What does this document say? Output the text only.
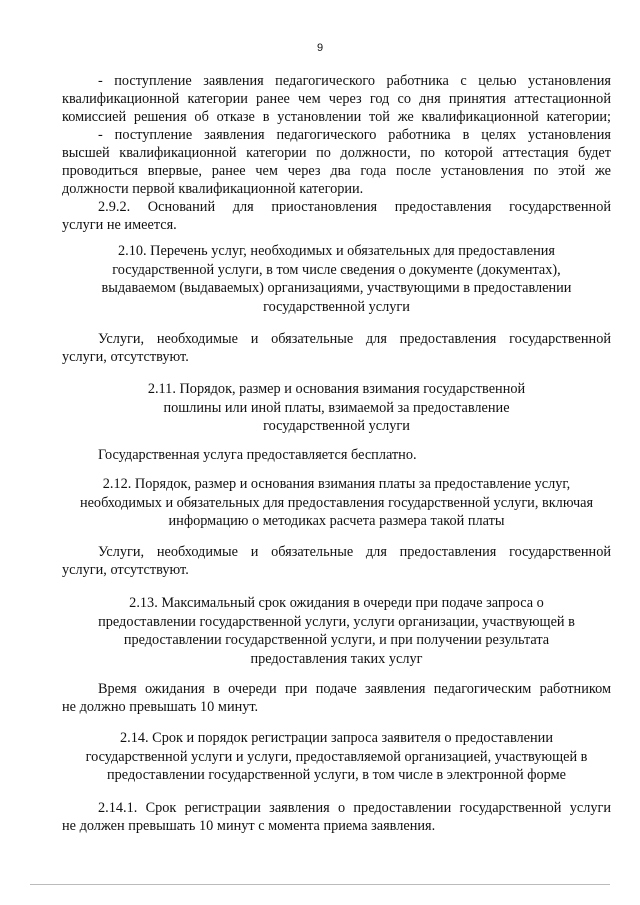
9
- поступление заявления педагогического работника с целью установления
квалификационной категории ранее чем через год со дня принятия аттестационной
комиссией решения об отказе в установлении той же квалификационной категории;
- поступление заявления педагогического работника в целях установления
высшей квалификационной категории по должности, по которой аттестация будет
проводиться впервые, ранее чем через два года после установления по этой же
должности первой квалификационной категории.
2.9.2. Оснований для приостановления предоставления государственной
услуги не имеется.
2.10. Перечень услуг, необходимых и обязательных для предоставления
государственной услуги, в том числе сведения о документе (документах),
выдаваемом (выдаваемых) организациями, участвующими в предоставлении
государственной услуги
Услуги, необходимые и обязательные для предоставления государственной
услуги, отсутствуют.
2.11. Порядок, размер и основания взимания государственной
пошлины или иной платы, взимаемой за предоставление
государственной услуги
Государственная услуга предоставляется бесплатно.
2.12. Порядок, размер и основания взимания платы за предоставление услуг,
необходимых и обязательных для предоставления государственной услуги, включая
информацию о методиках расчета размера такой платы
Услуги, необходимые и обязательные для предоставления государственной
услуги, отсутствуют.
2.13. Максимальный срок ожидания в очереди при подаче запроса о
предоставлении государственной услуги, услуги организации, участвующей в
предоставлении государственной услуги, и при получении результата
предоставления таких услуг
Время ожидания в очереди при подаче заявления педагогическим работником
не должно превышать 10 минут.
2.14. Срок и порядок регистрации запроса заявителя о предоставлении
государственной услуги и услуги, предоставляемой организацией, участвующей в
предоставлении государственной услуги, в том числе в электронной форме
2.14.1. Срок регистрации заявления о предоставлении государственной услуги
не должен превышать 10 минут с момента приема заявления.
